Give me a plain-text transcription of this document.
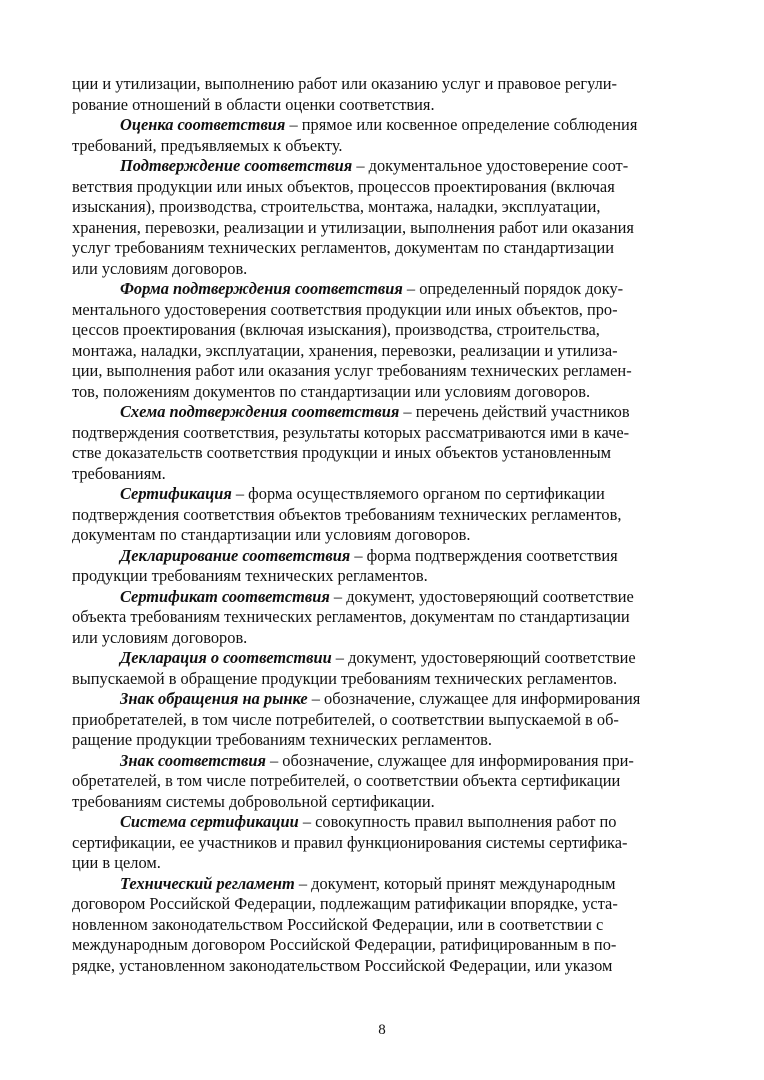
ции и утилизации, выполнению работ или оказанию услуг и правовое регули-
рование отношений в области оценки соответствия.

Оценка соответствия – прямое или косвенное определение соблюдения
требований, предъявляемых к объекту.

Подтверждение соответствия – документальное удостоверение соот-
ветствия продукции или иных объектов, процессов проектирования (включая
изыскания), производства, строительства, монтажа, наладки, эксплуатации,
хранения, перевозки, реализации и утилизации, выполнения работ или оказания
услуг требованиям технических регламентов, документам по стандартизации
или условиям договоров.

Форма подтверждения соответствия – определенный порядок доку-
ментального удостоверения соответствия продукции или иных объектов, про-
цессов проектирования (включая изыскания), производства, строительства,
монтажа, наладки, эксплуатации, хранения, перевозки, реализации и утилиза-
ции, выполнения работ или оказания услуг требованиям технических регламен-
тов, положениям документов по стандартизации или условиям договоров.

Схема подтверждения соответствия – перечень действий участников
подтверждения соответствия, результаты которых рассматриваются ими в каче-
стве доказательств соответствия продукции и иных объектов установленным
требованиям.

Сертификация – форма осуществляемого органом по сертификации
подтверждения соответствия объектов требованиям технических регламентов,
документам по стандартизации или условиям договоров.

Декларирование соответствия – форма подтверждения соответствия
продукции требованиям технических регламентов.

Сертификат соответствия – документ, удостоверяющий соответствие
объекта требованиям технических регламентов, документам по стандартизации
или условиям договоров.

Декларация о соответствии – документ, удостоверяющий соответствие
выпускаемой в обращение продукции требованиям технических регламентов.

Знак обращения на рынке – обозначение, служащее для информирования
приобретателей, в том числе потребителей, о соответствии выпускаемой в об-
ращение продукции требованиям технических регламентов.

Знак соответствия – обозначение, служащее для информирования при-
обретателей, в том числе потребителей, о соответствии объекта сертификации
требованиям системы добровольной сертификации.

Система сертификации – совокупность правил выполнения работ по
сертификации, ее участников и правил функционирования системы сертифика-
ции в целом.

Технический регламент – документ, который принят международным
договором Российской Федерации, подлежащим ратификации впорядке, уста-
новленном законодательством Российской Федерации, или в соответствии с
международным договором Российской Федерации, ратифицированным в по-
рядке, установленном законодательством Российской Федерации, или указом

8
